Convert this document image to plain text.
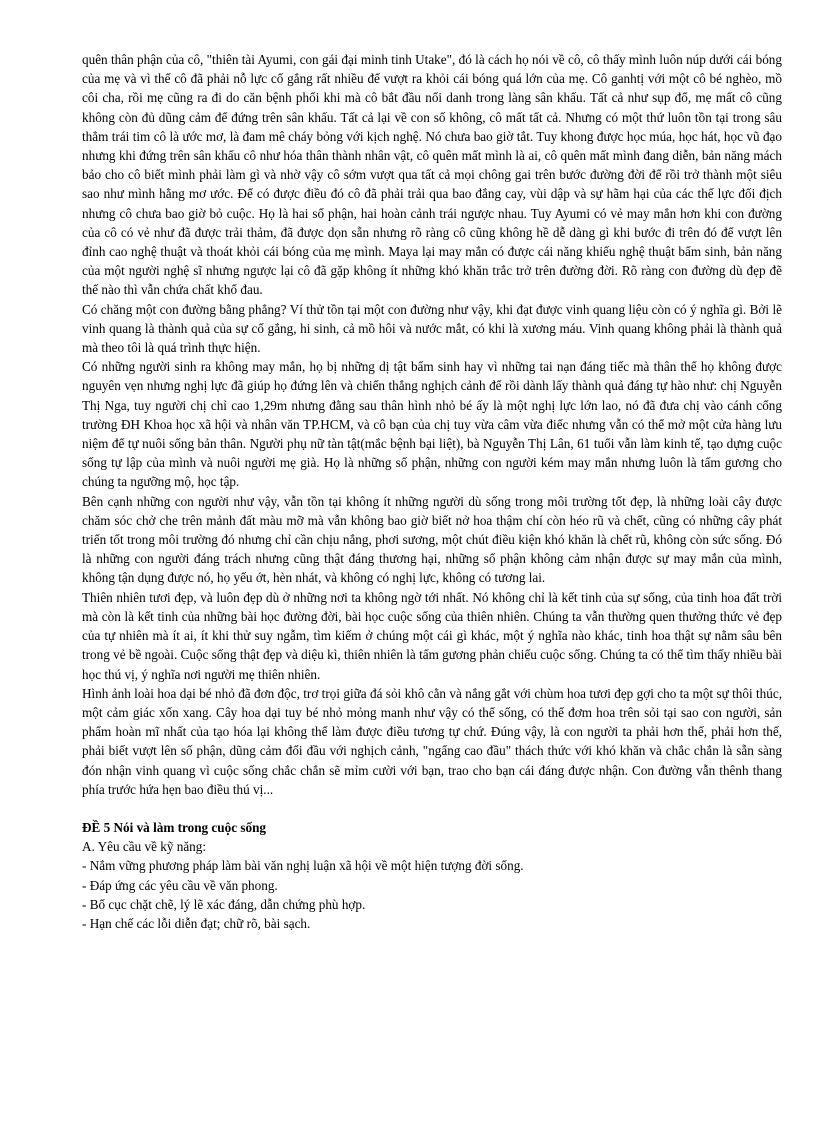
quên thân phận của cô, "thiên tài Ayumi, con gái đại minh tinh Utake", đó là cách họ nói về cô, cô thấy mình luôn núp dưới cái bóng của mẹ và vì thế cô đã phải nỗ lực cố gắng rất nhiều để vượt ra khỏi cái bóng quá lớn của mẹ. Cô ganhtị với một cô bé nghèo, mồ côi cha, rồi mẹ cũng ra đi do căn bệnh phổi khi mà cô bắt đầu nổi danh trong làng sân khấu. Tất cả như sụp đổ, mẹ mất cô cũng không còn đủ dũng cảm để đứng trên sân khấu. Tất cả lại về con số không, cô mất tất cả. Nhưng có một thứ luôn tồn tại trong sâu thẳm trái tim cô là ước mơ, là đam mê cháy bỏng với kịch nghệ. Nó chưa bao giờ tắt. Tuy khong được học múa, học hát, học vũ đạo nhưng khi đứng trên sân khấu cô như hóa thân thành nhân vật, cô quên mất mình là ai, cô quên mất mình đang diễn, bản năng mách bảo cho cô biết mình phải làm gì và nhờ vậy cô sớm vượt qua tất cả mọi chông gai trên bước đường đời để rồi trở thành một siêu sao như mình hằng mơ ước. Để có được điều đó cô đã phải trải qua bao đắng cay, vùi dập và sự hãm hại của các thế lực đối địch nhưng cô chưa bao giờ bỏ cuộc. Họ là hai số phận, hai hoàn cảnh trái ngược nhau. Tuy Ayumi có vẻ may mắn hơn khi con đường của cô có vẻ như đã được trải thảm, đã được dọn sẵn nhưng rõ ràng cô cũng không hề dễ dàng gì khi bước đi trên đó để vượt lên đỉnh cao nghệ thuật và thoát khỏi cái bóng của mẹ mình. Maya lại may mắn có được cái năng khiếu nghệ thuật bẩm sinh, bản năng của một người nghệ sĩ nhưng ngược lại cô đã gặp không ít những khó khăn trắc trở trên đường đời. Rõ ràng con đường dù đẹp đẽ thế nào thì vẫn chứa chất khổ đau.

Có chăng một con đường bằng phẳng? Ví thử tồn tại một con đường như vậy, khi đạt được vinh quang liệu còn có ý nghĩa gì. Bởi lẽ vinh quang là thành quả của sự cố gắng, hi sinh, cả mồ hôi và nước mắt, có khi là xương máu. Vinh quang không phải là thành quả mà theo tôi là quá trình thực hiện.

Có những người sinh ra không may mắn, họ bị những dị tật bẩm sinh hay vì những tai nạn đáng tiếc mà thân thể họ không được nguyên vẹn nhưng nghị lực đã giúp họ đứng lên và chiến thắng nghịch cảnh để rồi dành lấy thành quả đáng tự hào như: chị Nguyễn Thị Nga, tuy người chị chỉ cao 1,29m nhưng đằng sau thân hình nhỏ bé ấy là một nghị lực lớn lao, nó đã đưa chị vào cánh cổng trường ĐH Khoa học xã hội và nhân văn TP.HCM, và cô bạn của chị tuy vừa câm vừa điếc nhưng vẫn có thể mở một cửa hàng lưu niệm để tự nuôi sống bản thân. Người phụ nữ tàn tật(mắc bệnh bại liệt), bà Nguyễn Thị Lân, 61 tuổi vẫn làm kinh tế, tạo dựng cuộc sống tự lập của mình và nuôi người mẹ già. Họ là những số phận, những con người kém may mắn nhưng luôn là tấm gương cho chúng ta ngưỡng mộ, học tập.

Bên cạnh những con người như vậy, vẫn tồn tại không ít những người dù sống trong môi trường tốt đẹp, là những loài cây được chăm sóc chở che trên mảnh đất màu mỡ mà vẫn không bao giờ biết nở hoa thậm chí còn héo rũ và chết, cũng có những cây phát triển tốt trong môi trường đó nhưng chỉ cần chịu nắng, phơi sương, một chút điều kiện khó khăn là chết rũ, không còn sức sống. Đó là những con người đáng trách nhưng cũng thật đáng thương hại, những số phận không cảm nhận được sự may mắn của mình, không tận dụng được nó, họ yếu ớt, hèn nhát, và không có nghị lực, không có tương lai.

Thiên nhiên tươi đẹp, và luôn đẹp dù ở những nơi ta không ngờ tới nhất. Nó không chỉ là kết tinh của sự sống, của tinh hoa đất trời mà còn là kết tinh của những bài học đường đời, bài học cuộc sống của thiên nhiên. Chúng ta vẫn thường quen thưởng thức vẻ đẹp của tự nhiên mà ít ai, ít khi thử suy ngẫm, tìm kiếm ở chúng một cái gì khác, một ý nghĩa nào khác, tinh hoa thật sự nằm sâu bên trong vẻ bề ngoài. Cuộc sống thật đẹp và diệu kì, thiên nhiên là tấm gương phản chiếu cuộc sống. Chúng ta có thể tìm thấy nhiều bài học thú vị, ý nghĩa nơi người mẹ thiên nhiên.

Hình ảnh loài hoa dại bé nhỏ đã đơn độc, trơ trọi giữa đá sỏi khô cằn và nắng gắt với chùm hoa tươi đẹp gợi cho ta một sự thôi thúc, một cảm giác xốn xang. Cây hoa dại tuy bé nhỏ mỏng manh như vậy có thể sống, có thể đơm hoa trên sỏi tại sao con người, sản phẩm hoàn mĩ nhất của tạo hóa lại không thể làm được điều tương tự chứ. Đúng vậy, là con người ta phải hơn thế, phải hơn thế, phải biết vượt lên số phận, dũng cảm đối đầu với nghịch cảnh, "ngẩng cao đầu" thách thức với khó khăn và chắc chắn là sẵn sàng đón nhận vinh quang vì cuộc sống chắc chắn sẽ mỉm cười với bạn, trao cho bạn cái đáng được nhận. Con đường vẫn thênh thang phía trước hứa hẹn bao điều thú vị...

ĐỀ 5 Nói và làm trong cuộc sống

A. Yêu cầu về kỹ năng:

- Nắm vững phương pháp làm bài văn nghị luận xã hội về một hiện tượng đời sống.

- Đáp ứng các yêu cầu về văn phong.

- Bố cục chặt chẽ, lý lẽ xác đáng, dẫn chứng phù hợp.

- Hạn chế các lỗi diễn đạt; chữ rõ, bài sạch.
